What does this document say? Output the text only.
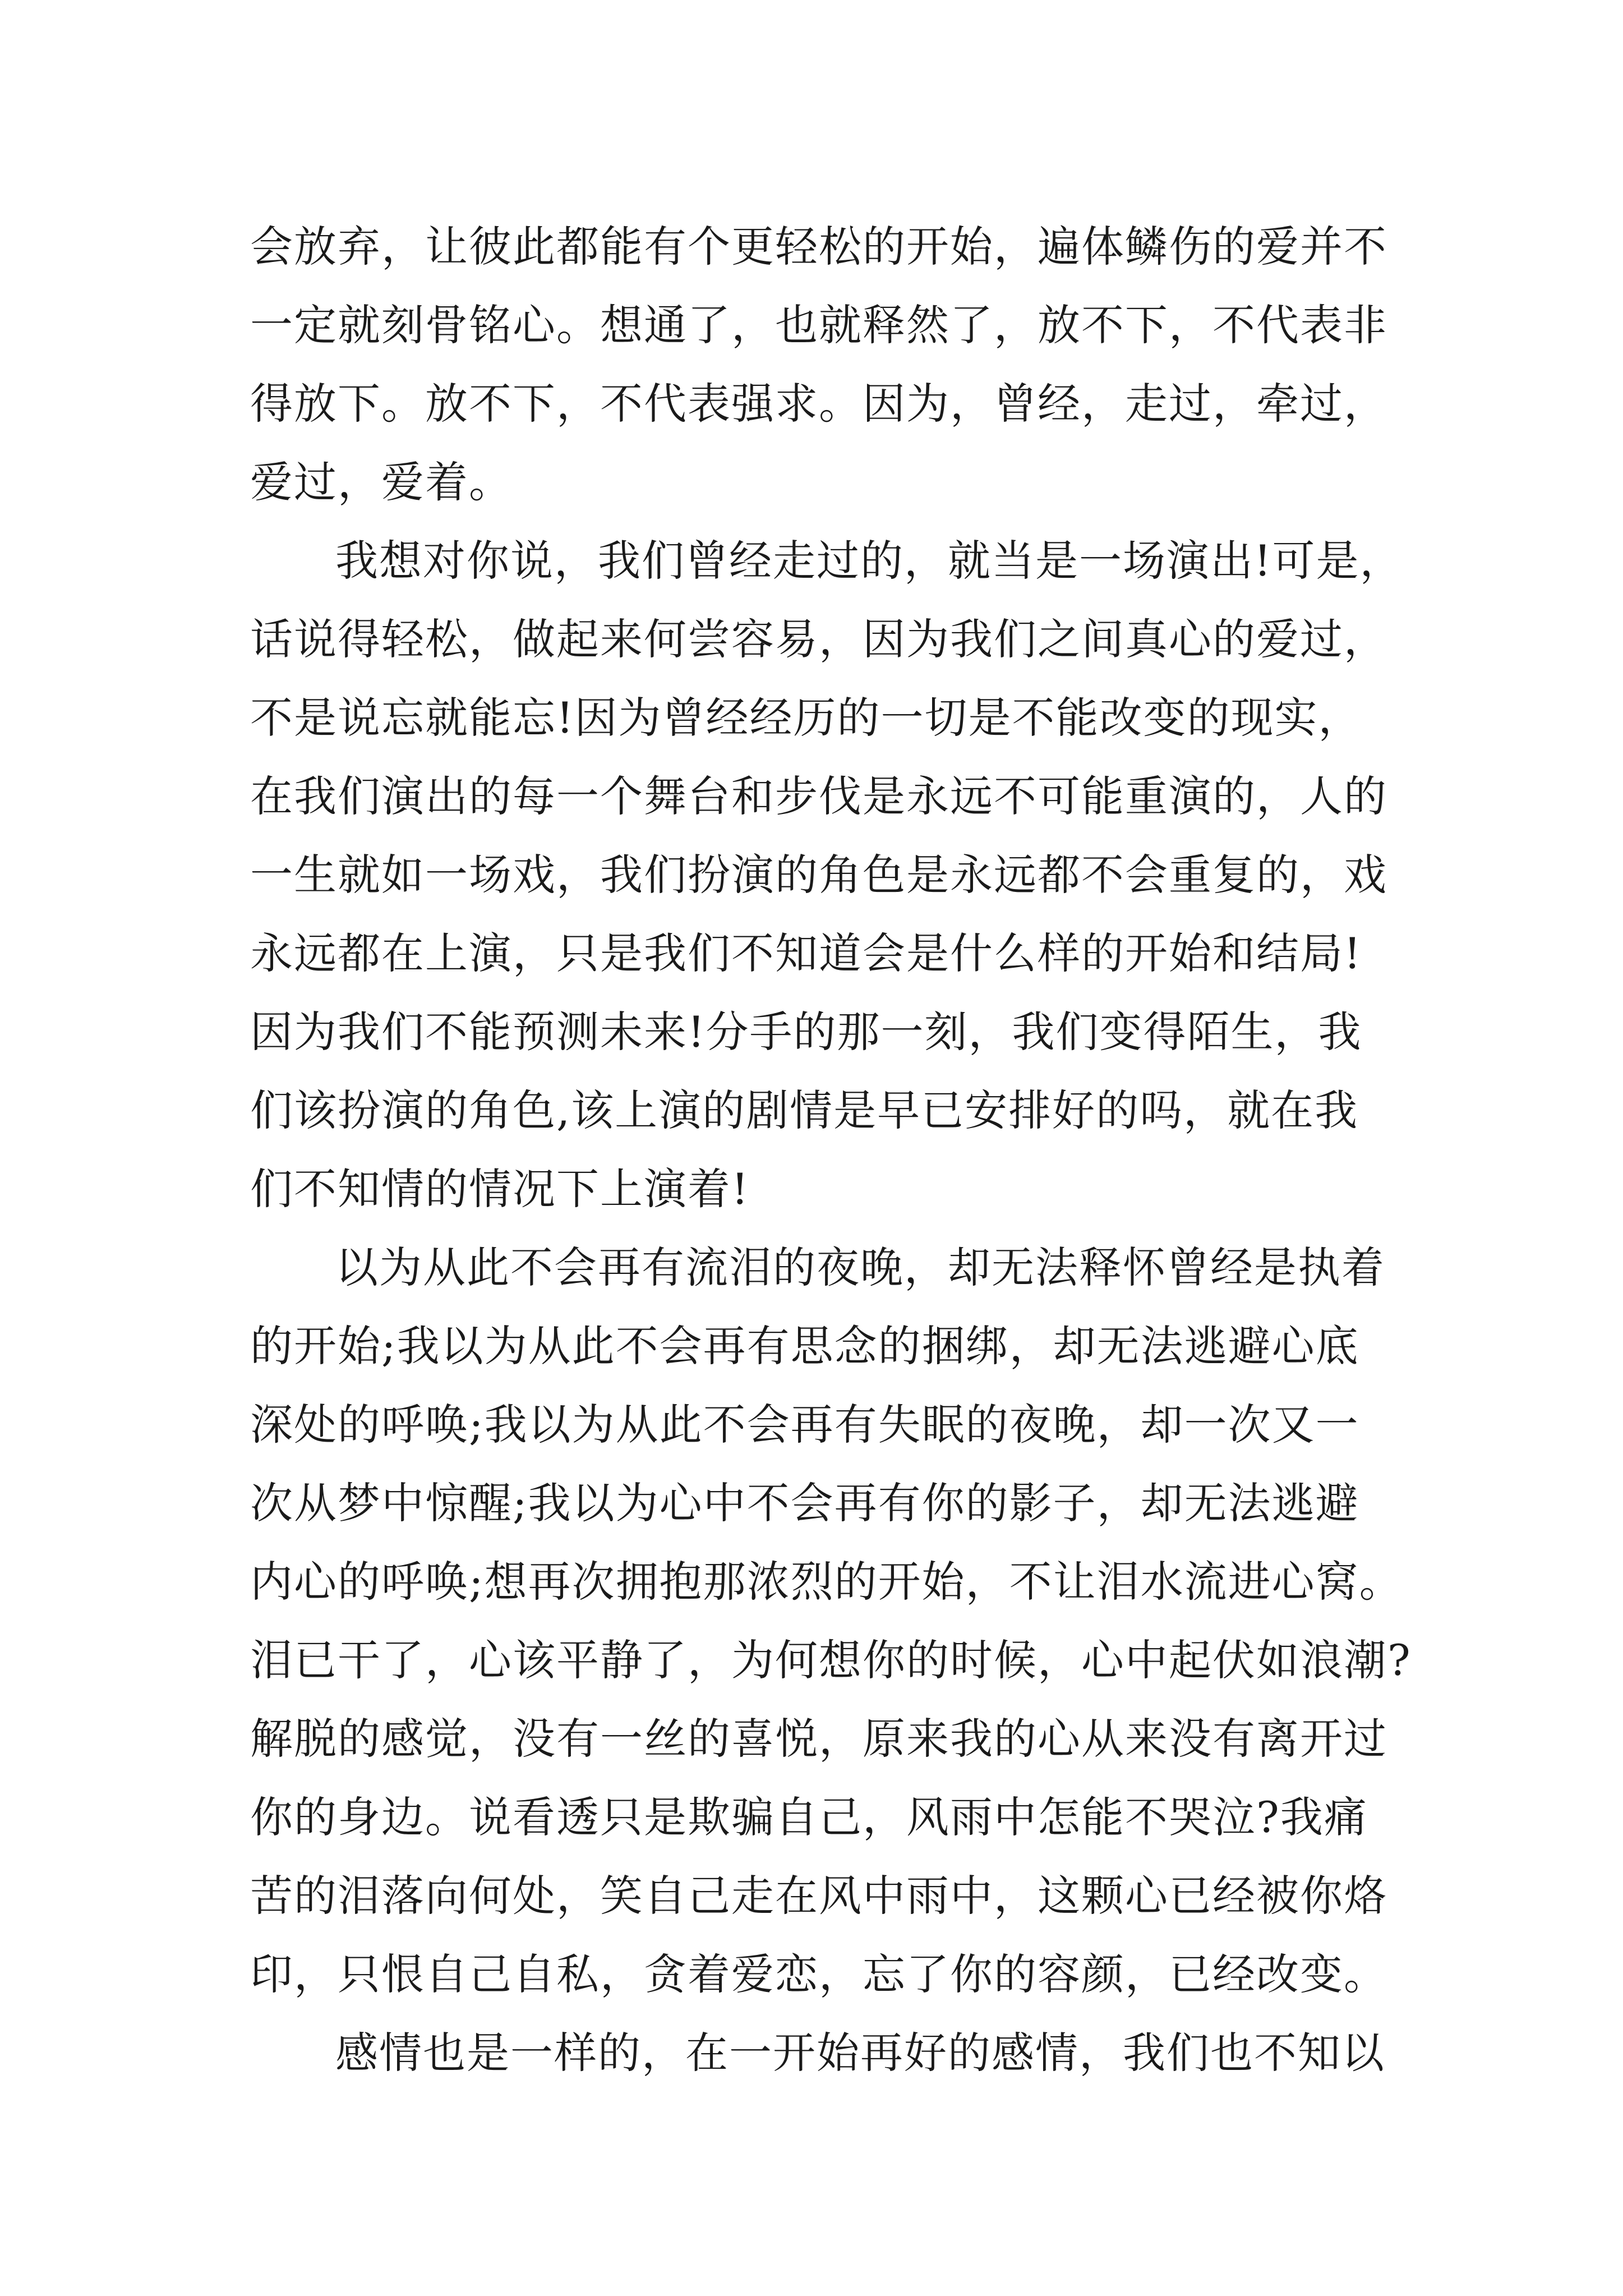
会放弃，让彼此都能有个更轻松的开始，遍体鳞伤的爱并不
一定就刻骨铭心。想通了，也就释然了，放不下，不代表非
得放下。放不下，不代表强求。因为，曾经，走过，牵过，
爱过，爱着。
我想对你说，我们曾经走过的，就当是一场演出!可是，
话说得轻松，做起来何尝容易，因为我们之间真心的爱过，
不是说忘就能忘!因为曾经经历的一切是不能改变的现实，
在我们演出的每一个舞台和步伐是永远不可能重演的，人的
一生就如一场戏，我们扮演的角色是永远都不会重复的，戏
永远都在上演，只是我们不知道会是什么样的开始和结局!
因为我们不能预测未来!分手的那一刻，我们变得陌生，我
们该扮演的角色,该上演的剧情是早已安排好的吗，就在我
们不知情的情况下上演着!
以为从此不会再有流泪的夜晚，却无法释怀曾经是执着
的开始;我以为从此不会再有思念的捆绑，却无法逃避心底
深处的呼唤;我以为从此不会再有失眠的夜晚，却一次又一
次从梦中惊醒;我以为心中不会再有你的影子，却无法逃避
内心的呼唤;想再次拥抱那浓烈的开始，不让泪水流进心窝。
泪已干了，心该平静了，为何想你的时候，心中起伏如浪潮?
解脱的感觉，没有一丝的喜悦，原来我的心从来没有离开过
你的身边。说看透只是欺骗自己，风雨中怎能不哭泣?我痛
苦的泪落向何处，笑自己走在风中雨中，这颗心已经被你烙
印，只恨自己自私，贪着爱恋，忘了你的容颜，已经改变。
感情也是一样的，在一开始再好的感情，我们也不知以
